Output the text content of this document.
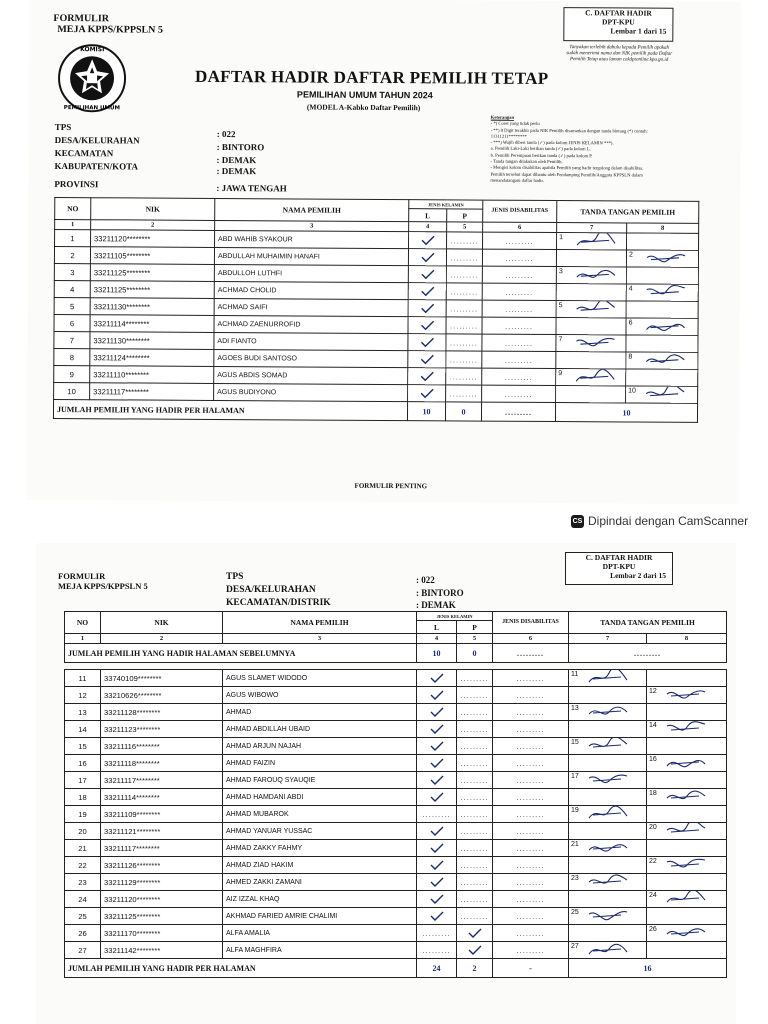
FORMULIR
MEJA KPPS/KPPSLN 5
KOMISI
PEMILIHAN UMUM
C. DAFTAR HADIR
DPT-KPU
Lembar 1 dari 15
Tanyakan terlebih dahulu kepada Pemilih apakah sudah menerima nama dan NIK pemilih pada Daftar Pemilih Tetap atau laman cekdptonline.kpu.go.id
DAFTAR HADIR DAFTAR PEMILIH TETAP
PEMILIHAN UMUM TAHUN 2024
(MODEL A-Kabko Daftar Pemilih)
TPS
: 022
DESA/KELURAHAN
: BINTORO
KECAMATAN
: DEMAK
KABUPATEN/KOTA	: DEMAK
PROVINSI	: JAWA TENGAH
Keterangan
- *) Coret yang tidak perlu
- **) 8 Digit terakhir pada NIK Pemilih disamarkan dengan tanda bintang (*) contoh:
11311211********
- ***) Wajib diberi tanda (✓) pada kolom JENIS KELAMIN ***).
a. Pemilih Laki-Laki berikan tanda (✓) pada kolom L.
b. Pemilih Perempuan berikan tanda (✓) pada kolom P.
- Tanda tangan dilakukan oleh Pemilih.
- Mengisi kolom disabilitas apabila Pemilih yang hadir tergolong dalam disabilitas.
Pemilih tersebut dapat dibantu oleh Pendamping Pemilih/Anggota KPPSLN dalam
menandatangani daftar hadir.
NO	NIK	NAMA PEMILIH	JENIS KELAMIN		JENIS DISABILITAS	TANDA TANGAN PEMILIH	
			L	P			
1	2	3	4	5	6	7	8
1	33211120********	ABD WAHIB SYAKOUR		.........	.........	1	

2	33211105********	ABDULLAH MUHAIMIN HANAFI		.........	.........		2

3	33211125********	ABDULLOH LUTHFI		.........	.........	3	

4	33211125********	ACHMAD CHOLID		.........	.........		4

5	33211130********	ACHMAD SAIFI		.........	.........	5	

6	33211114********	ACHMAD ZAENURROFID		.........	.........		6

7	33211130********	ADI FIANTO		.........	.........	7	

8	33211124********	AGOES BUDI SANTOSO		.........	.........		8

9	33211110********	AGUS ABDIS SOMAD		.........	.........	9	

10	33211117********	AGUS BUDIYONO		.........	.........		10

JUMLAH PEMILIH YANG HADIR PER HALAMAN			10	0	.........	10	
FORMULIR PENTING
CS Dipindai dengan CamScanner
FORMULIR
MEJA KPPS/KPPSLN 5
C. DAFTAR HADIR
DPT-KPU
Lembar 2 dari 15
TPS	: 022
DESA/KELURAHAN	: BINTORO
KECAMATAN/DISTRIK	: DEMAK
NO	NIK	NAMA PEMILIH	JENIS KELAMIN		JENIS DISABILITAS	TANDA TANGAN PEMILIH	
			L	P			
1	2	3	4	5	6	7	8
JUMLAH PEMILIH YANG HADIR HALAMAN SEBELUMNYA			10	0	.........	.........	

11	33740109********	AGUS SLAMET WIDODO		.........	.........	11	

12	33210626********	AGUS WIBOWO		.........	.........		12

13	33211128********	AHMAD		.........	.........	13	

14	33211123********	AHMAD ABDILLAH UBAID		.........	.........		14

15	33211116********	AHMAD ARJUN NAJAH		.........	.........	15	

16	33211118********	AHMAD FAIZIN		.........	.........		16

17	33211117********	AHMAD FAROUQ SYAUQIE		.........	.........	17	

18	33211114********	AHMAD HAMDANI ABDI		.........	.........		18

19	33211109********	AHMAD MUBAROK	.........	.........	.........	19	

20	33211121********	AHMAD YANUAR YUSSAC		.........	.........		20

21	33211117********	AHMAD ZAKKY FAHMY		.........	.........	21	

22	33211126********	AHMAD ZIAD HAKIM		.........	.........		22

23	33211129********	AHMED ZAKKI ZAMANI		.........	.........	23	

24	33211120********	AIZ IZZAL KHAQ		.........	.........		24

25	33211125********	AKHMAD FARIED AMRIE CHALIMI		.........	.........	25	

26	33211170********	ALFA AMALIA	.........		.........		26

27	33211142********	ALFA MAGHFIRA	.........		.........	27	

JUMLAH PEMILIH YANG HADIR PER HALAMAN			24	2	-	16	
